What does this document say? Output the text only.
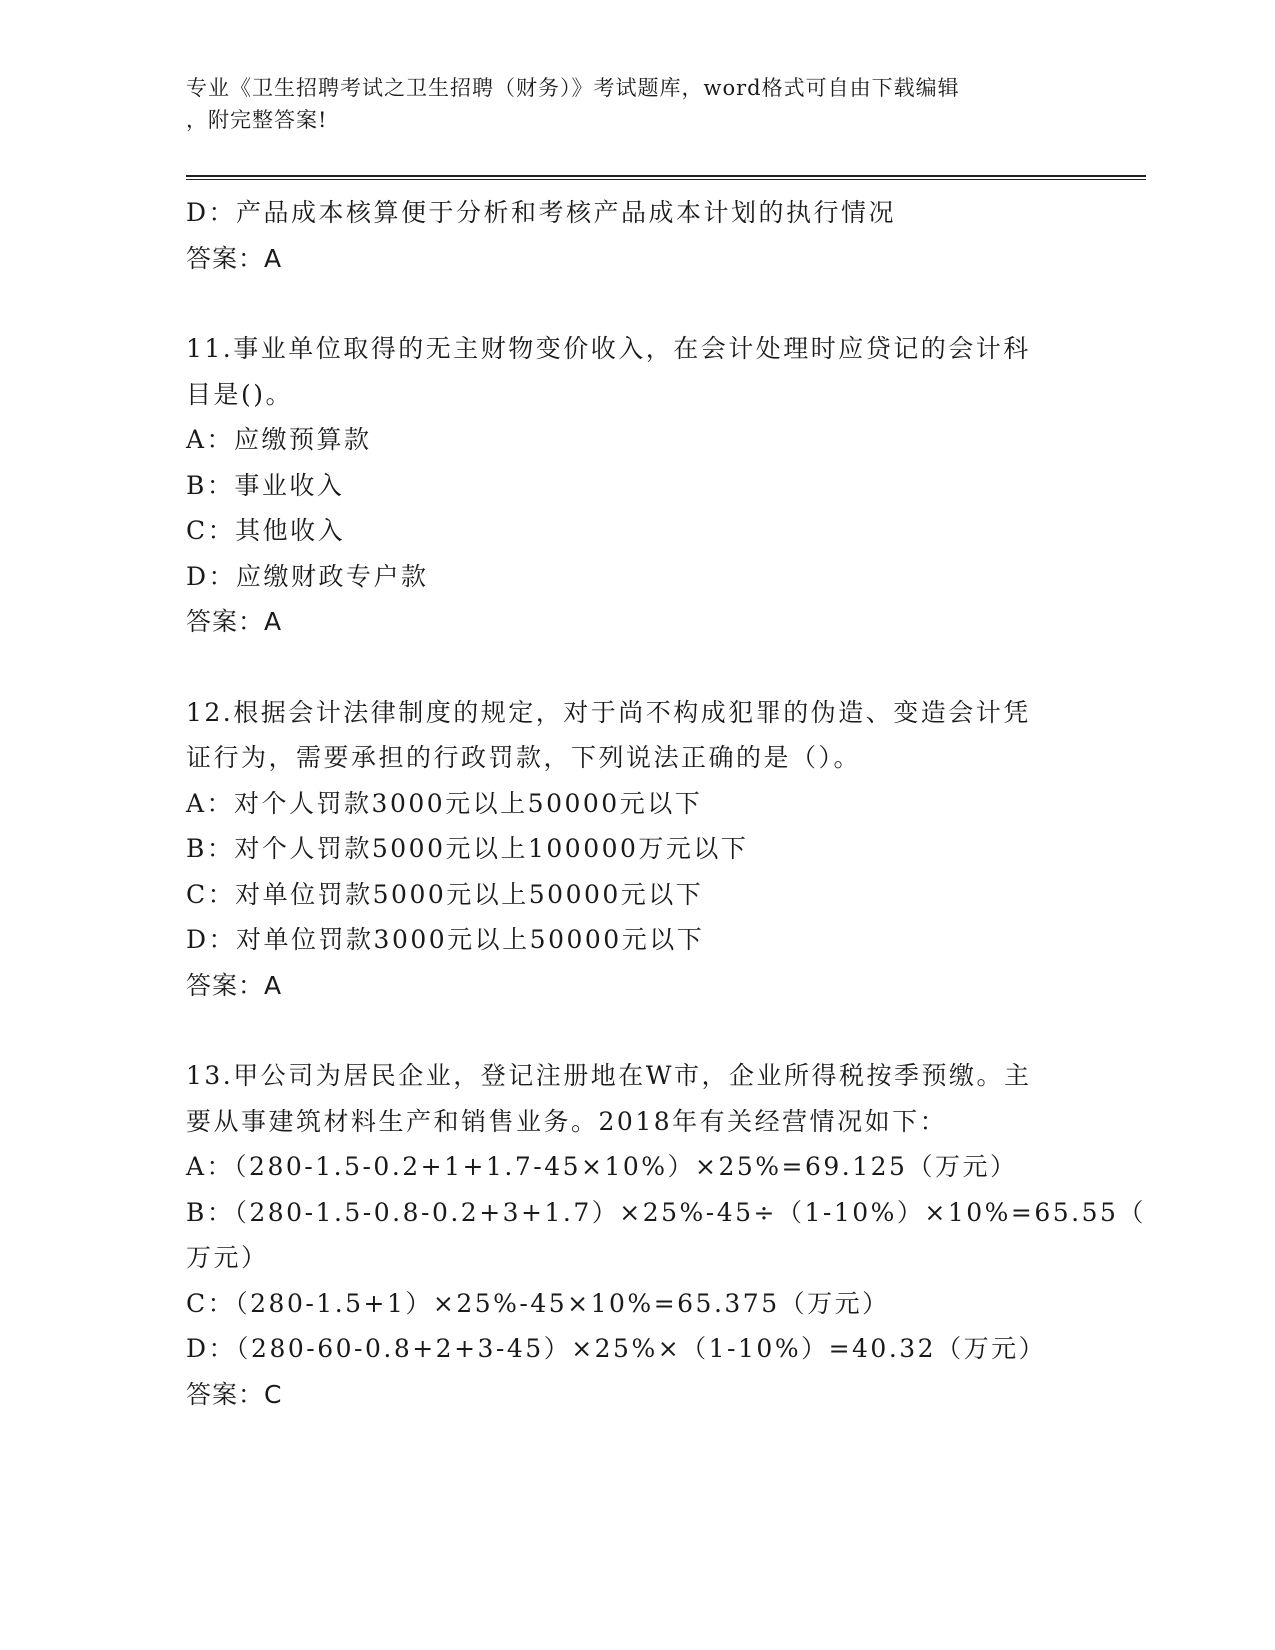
专业《卫生招聘考试之卫生招聘（财务）》考试题库，word格式可自由下载编辑
，附完整答案!
D：产品成本核算便于分析和考核产品成本计划的执行情况
答案：A
11.事业单位取得的无主财物变价收入，在会计处理时应贷记的会计科
目是()。
A：应缴预算款
B：事业收入
C：其他收入
D：应缴财政专户款
答案：A
12.根据会计法律制度的规定，对于尚不构成犯罪的伪造、变造会计凭
证行为，需要承担的行政罚款，下列说法正确的是（）。
A：对个人罚款3000元以上50000元以下
B：对个人罚款5000元以上100000万元以下
C：对单位罚款5000元以上50000元以下
D：对单位罚款3000元以上50000元以下
答案：A
13.甲公司为居民企业，登记注册地在W市，企业所得税按季预缴。主
要从事建筑材料生产和销售业务。2018年有关经营情况如下：
A：（280-1.5-0.2+1+1.7-45×10%）×25%=69.125（万元）
B：（280-1.5-0.8-0.2+3+1.7）×25%-45÷（1-10%）×10%=65.55（
万元）
C：（280-1.5+1）×25%-45×10%=65.375（万元）
D：（280-60-0.8+2+3-45）×25%×（1-10%）=40.32（万元）
答案：C
